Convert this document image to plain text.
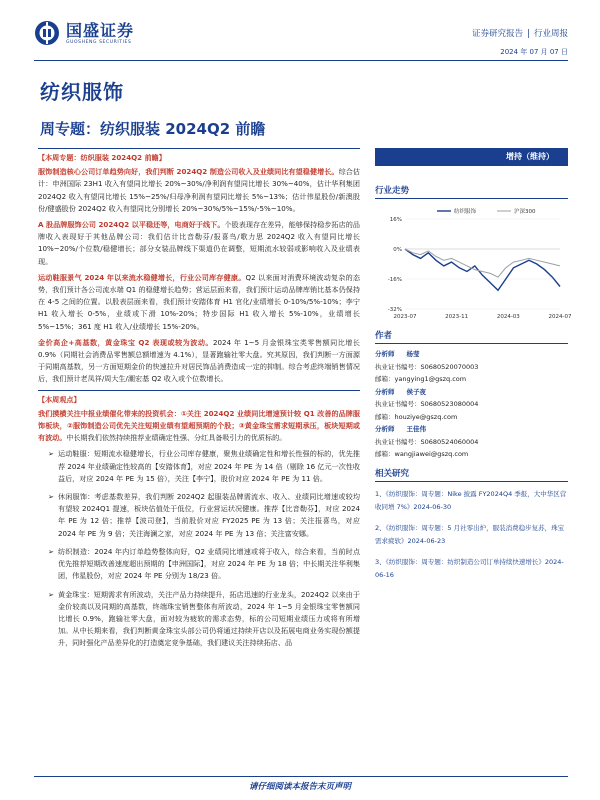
国盛证券
GUOSHENG SECURITIES
证券研究报告 | 行业周报
2024 年 07 月 07 日
纺织服饰
周专题：纺织服装 2024Q2 前瞻
【本周专题：纺织服装 2024Q2 前瞻】
服饰制造核心公司订单趋势向好，我们判断 2024Q2 制造公司收入及业绩同比有望稳健增长。综合估计：申洲国际 23H1 收入有望同比增长 20%~30%/净利润有望同比增长 30%~40%，估计华利集团 2024Q2 收入有望同比增长 15%~25%/归母净利润有望同比增长 5%~13%；估计伟星股份/新澳股份/健盛股份 2024Q2 收入有望同比分别增长 20%~30%/5%~15%/-5%~10%。
A 股品牌服饰公司 2024Q2 以平稳还等，电商好于线下。个股表现存在差异，能够保持稳步拓店的品牌收入表现好于其他品牌公司：我们估计比音勒芬/报喜鸟/歌力思 2024Q2 收入有望同比增长 10%~20%/个位数/稳健增长；部分女装品牌线下渠道仍在调整，短期流水较弱或影响收入及业绩表现。
运动鞋服景气 2024 年以来流水稳健增长，行业公司库存健康。Q2 以来面对消费环境波动复杂的态势，我们预计各公司流水端 Q1 的稳健增长趋势；营运层面来看，我们预计运动品牌库销比基本仍保持在 4-5 之间的位置。以股表层面来看，我们预计安踏体育 H1 官化/业绩增长 0-10%/5%-10%；李宁 H1 收入增长 0-5%，业绩或下滑 10%-20%；特步国际 H1 收入增长 5%-10%，业绩增长 5%~15%；361 度 H1 收入/业绩增长 15%-20%。
金价高企+高基数，黄金珠宝 Q2 表现或较为波动。2024 年 1~5 月金银珠宝类零售额同比增长 0.9%（同期社会消费品零售额总额增速为 4.1%），显著跑输社零大盘。究其原因，我们判断一方面源于同期高基数，另一方面短期金价的快速拉升对居民饰品消费造成一定的抑制。综合考虑终端销售情况后，我们预计老凤祥/周大生/潮宏基 Q2 收入或个位数增长。
【本周观点】
我们摸横关注中报业绩催化带来的投资机会：①关注 2024Q2 业绩同比增速预计较 Q1 改善的品牌服饰板块，②服饰制造公司优先关注短期业绩有望超预期的个股；③黄金珠宝需求短期承压，板块短期或有波动。中长期我们依然持续推荐业绩确定性强、分红具备吸引力的优质标的。
➢ 运动鞋服：短期流水稳健增长，行业公司库存健康，聚焦业绩确定性和增长性强的标的，优先推荐 2024 年业绩确定性较高的【安踏体育】，对应 2024 年 PE 为 14 倍（剔除 16 亿元一次性收益后，对应 2024 年 PE 为 15 倍），关注【李宁】，股价对应 2024 年 PE 为 11 倍。
➢ 休闲服饰：考虑基数差异，我们判断 2024Q2 起服装品牌需流水、收入、业绩同比增速或较均有望较 2024Q1 提速，板块估值处于低位，行业营运状况健康。推荐【比音勒芬】，对应 2024 年 PE 为 12 倍；推荐【波司登】，当前股价对应 FY2025 PE 为 13 倍；关注报喜鸟，对应 2024 年 PE 为 9 倍；关注海澜之家，对应 2024 年 PE 为 13 倍；关注富安娜。
➢ 纺织制造：2024 年内订单趋势整体向好，Q2 业绩同比增速或将于收入，综合来看，当前时点优先推荐短期改善速度超出预期的【申洲国际】，对应 2024 年 PE 为 18 倍；中长期关注华利集团，伟星股份，对应 2024 年 PE 分别为 18/23 倍。
➢ 黄金珠宝：短期需求有所波动，关注产品力持续提升，拓店迅速的行业龙头，2024Q2 以来由于金价较高以及同期的高基数，终端珠宝销售整体有所波动，2024 年 1~5 月金银珠宝零售额同比增长 0.9%，跑输社零大盘，面对较为疲软的需求态势，标的公司短期业绩压力或将有所增加。从中长期来看，我们判断黄金珠宝头部公司仍将通过持续开店以及拓展电商业务实现份额提升，同时强化产品差异化的打造奠定竞争基础，我们建议关注持续拓店、品
增持（维持）
行业走势
16%
0%
-16%
-32%
2023-07	2023-11	2024-03	2024-07
纺织服饰	沪深300
作者
分析师 杨莹
执业证书编号：S0680520070003
邮箱：yangying1@gszq.com
分析师 侯子夜
执业证书编号：S0680523080004
邮箱：houziye@gszq.com
分析师 王佳伟
执业证书编号：S0680524060004
邮箱：wangjiawei@gszq.com
相关研究
1、《纺织服饰：周专题：Nike 披露 FY2024Q4 季报，大中华区营收同增 7%》2024-06-30
2、《纺织服饰：周专题：5 月社零出炉，服装消费稳步复苏，珠宝需求疲软》2024-06-23
3、《纺织服饰：周专题：纺织制造公司订单持续快速增长》2024-06-16
请仔细阅读本报告末页声明
